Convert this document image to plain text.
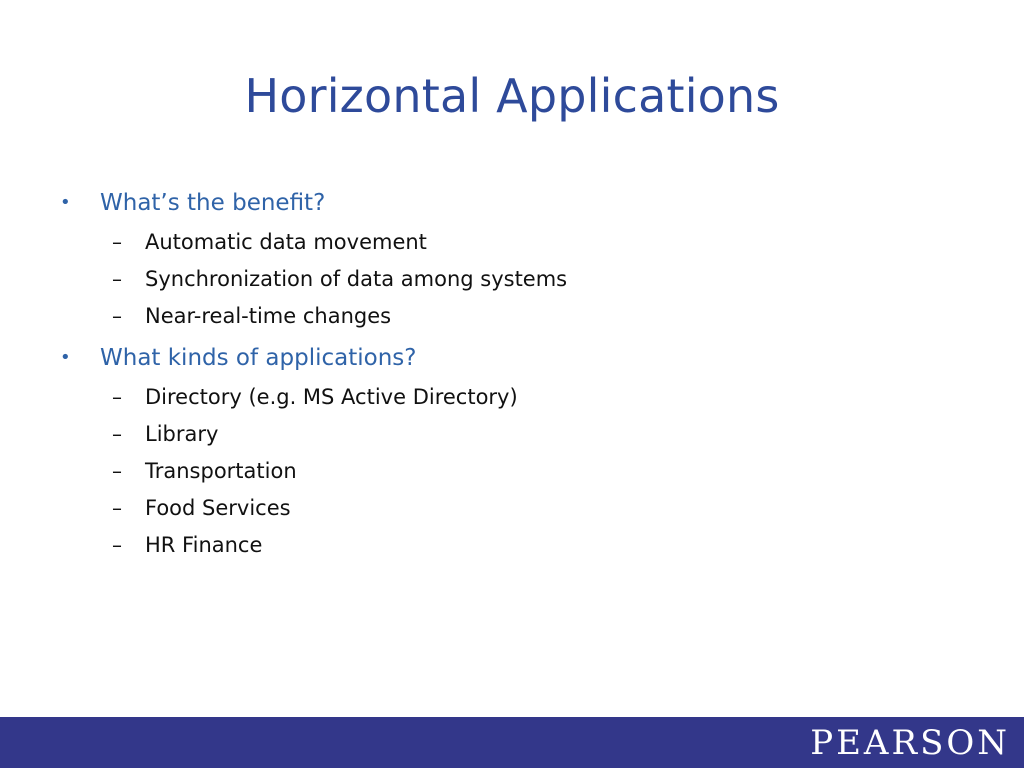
Horizontal Applications
•	What’s the benefit?
–	Automatic data movement
–	Synchronization of data among systems
–	Near-real-time changes
•	What kinds of applications?
–	Directory (e.g. MS Active Directory)
–	Library
–	Transportation
–	Food Services
–	HR Finance
PEARSON
